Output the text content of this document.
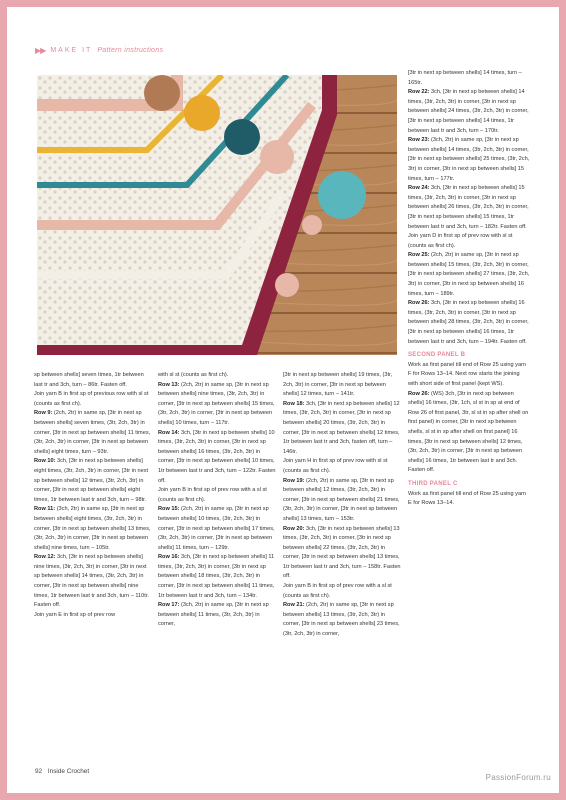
▶▶ MAKE IT Pattern instructions

sp between shells] seven times, 1tr between last tr and 3ch, turn – 86tr. Fasten off.

Join yarn B in first sp of previous row with sl st (counts as first ch).

Row 9: (2ch, 2tr) in same sp, [3tr in next sp between shells] seven times, (3tr, 2ch, 3tr) in corner, [3tr in next sp between shells] 11 times, (3tr, 2ch, 3tr) in corner, [3tr in next sp between shells] eight times, turn – 93tr.

Row 10: 3ch, [3tr in next sp between shells] eight times, (3tr, 2ch, 3tr) in corner, [3tr in next sp between shells] 12 times, (3tr, 2ch, 3tr) in corner, [3tr in next sp between shells] eight times, 1tr between last tr and 3ch, turn – 98tr.

Row 11: (3ch, 2tr) in same sp, [3tr in next sp between shells] eight times, (3tr, 2ch, 3tr) in corner, [3tr in next sp between shells] 13 times, (3tr, 2ch, 3tr) in corner, [3tr in next sp between shells] nine times, turn – 105tr.

Row 12: 3ch, [3tr in next sp between shells] nine times, (3tr, 2ch, 3tr) in corner, [3tr in next sp between shells] 14 times, (3tr, 2ch, 3tr) in corner, [3tr in next sp between shells] nine times, 1tr between last tr and 3ch, turn – 110tr. Fasten off.

Join yarn E in first sp of prev row

with sl st (counts as first ch).

Row 13: (2ch, 2tr) in same sp, [3tr in next sp between shells] nine times, (3tr, 2ch, 3tr) in corner, [3tr in next sp between shells] 15 times, (3tr, 2ch, 3tr) in corner, [3tr in next sp between shells] 10 times, turn – 117tr.

Row 14: 3ch, [3tr in next sp between shells] 10 times, (3tr, 2ch, 3tr) in corner, [3tr in next sp between shells] 16 times, (3tr, 2ch, 3tr) in corner, [3tr in next sp between shells] 10 times, 1tr between last tr and 3ch, turn – 122tr. Fasten off.

Join yarn B in first sp of prev row with a sl st (counts as first ch).

Row 15: (2ch, 2tr) in same sp, [3tr in next sp between shells] 10 times, (3tr, 2ch, 3tr) in corner, [3tr in next sp between shells] 17 times, (3tr, 2ch, 3tr) in corner, [3tr in next sp between shells] 11 times, turn – 129tr.

Row 16: 3ch, [3tr in next sp between shells] 11 times, (3tr, 2ch, 3tr) in corner, [3tr in next sp between shells] 18 times, (3tr, 2ch, 3tr) in corner, [3tr in next sp between shells] 11 times, 1tr between last tr and 3ch, turn – 134tr.

Row 17: (3ch, 2tr) in same sp, [3tr in next sp between shells] 11 times, (3tr, 2ch, 3tr) in corner,

[3tr in next sp between shells] 19 times, (3tr, 2ch, 3tr) in corner, [3tr in next sp between shells] 12 times, turn – 141tr.

Row 18: 3ch, [3tr in next sp between shells] 12 times, (3tr, 2ch, 3tr) in corner, [3tr in next sp between shells] 20 times, (3tr, 2ch, 3tr) in corner, [3tr in next sp between shells] 12 times, 1tr between last tr and 3ch, fasten off, turn – 146tr.

Join yarn H in first sp of prev row with sl st (counts as first ch).

Row 19: (2ch, 2tr) in same sp, [3tr in next sp between shells] 12 times, (3tr, 2ch, 3tr) in corner, [3tr in next sp between shells] 21 times, (3tr, 2ch, 3tr) in corner, [3tr in next sp between shells] 13 times, turn – 153tr.

Row 20: 3ch, [3tr in next sp between shells] 13 times, (3tr, 2ch, 3tr) in corner, [3tr in next sp between shells] 22 times, (3tr, 2ch, 3tr) in corner, [3tr in next sp between shells] 13 times, 1tr between last tr and 3ch, turn – 158tr. Fasten off.

Join yarn B in first sp of prev row with a sl st (counts as first ch).

Row 21: (2ch, 2tr) in same sp, [3tr in next sp between shells] 13 times, (3tr, 2ch, 3tr) in corner, [3tr in next sp between shells] 23 times, (3tr, 2ch, 3tr) in corner,

[3tr in next sp between shells] 14 times, turn – 165tr.

Row 22: 3ch, [3tr in next sp between shells] 14 times, (3tr, 2ch, 3tr) in corner, [3tr in next sp between shells] 24 times, (3tr, 2ch, 3tr) in corner, [3tr in next sp between shells] 14 times, 1tr between last tr and 3ch, turn – 170tr.

Row 23: (3ch, 2tr) in same sp, [3tr in next sp between shells] 14 times, (3tr, 2ch, 3tr) in corner, [3tr in next sp between shells] 25 times, (3tr, 2ch, 3tr) in corner, [3tr in next sp between shells] 15 times, turn – 177tr.

Row 24: 3ch, [3tr in next sp between shells] 15 times, (3tr, 2ch, 3tr) in corner, [3tr in next sp between shells] 26 times, (3tr, 2ch, 3tr) in corner, [3tr in next sp between shells] 15 times, 1tr between last tr and 3ch, turn – 182tr. Fasten off.

Join yarn D in first sp of prev row with sl st (counts as first ch).

Row 25: (2ch, 2tr) in same sp, [3tr in next sp between shells] 15 times, (3tr, 2ch, 3tr) in corner, [3tr in next sp between shells] 27 times, (3tr, 2ch, 3tr) in corner, [3tr in next sp between shells] 16 times, turn – 189tr.

Row 26: 3ch, [3tr in next sp between shells] 16 times, (3tr, 2ch, 3tr) in corner, [3tr in next sp between shells] 28 times, (3tr, 2ch, 3tr) in corner, [3tr in next sp between shells] 16 times, 1tr between last tr and 3ch, turn – 194tr. Fasten off.

SECOND PANEL B

Work as first panel till end of Row 25 using yarn F for Rows 13–14. Next row starts the joining with short side of first panel (kept WS).

Row 26: (WS) 3ch, [3tr in next sp between shells] 16 times, (3tr, 1ch, sl st in sp at end of Row 26 of first panel, 3tr, sl st in sp after shell on first panel) in corner, [3tr in next sp between shells, sl st in sp after shell on first panel] 16 times, [3tr in next sp between shells] 12 times, (3tr, 2ch, 3tr) in corner, [3tr in next sp between shells] 16 times, 1tr between last tr and 3ch. Fasten off.

THIRD PANEL C

Work as first panel till end of Row 25 using yarn E for Rows 13–14.

92 Inside Crochet
PassionForum.ru
